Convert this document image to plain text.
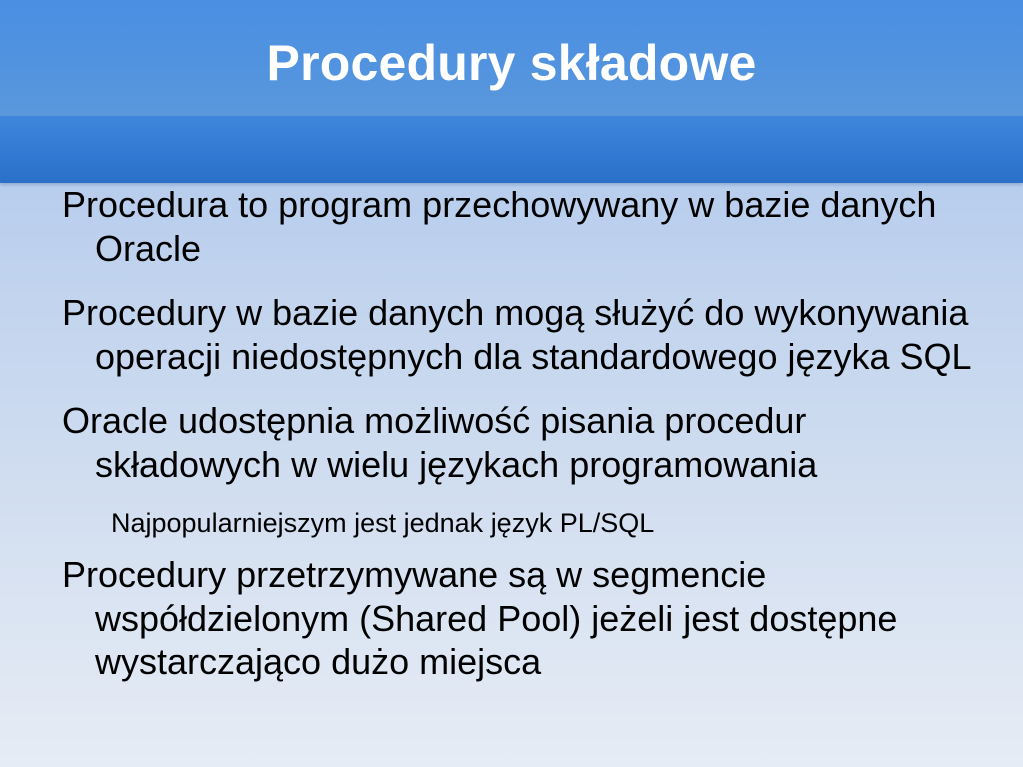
Procedury składowe
Procedura to program przechowywany w bazie danych Oracle
Procedury w bazie danych mogą służyć do wykonywania operacji niedostępnych dla standardowego języka SQL
Oracle udostępnia możliwość pisania procedur składowych w wielu językach programowania
Najpopularniejszym jest jednak język PL/SQL
Procedury przetrzymywane są w segmencie współdzielonym (Shared Pool) jeżeli jest dostępne wystarczająco dużo miejsca
